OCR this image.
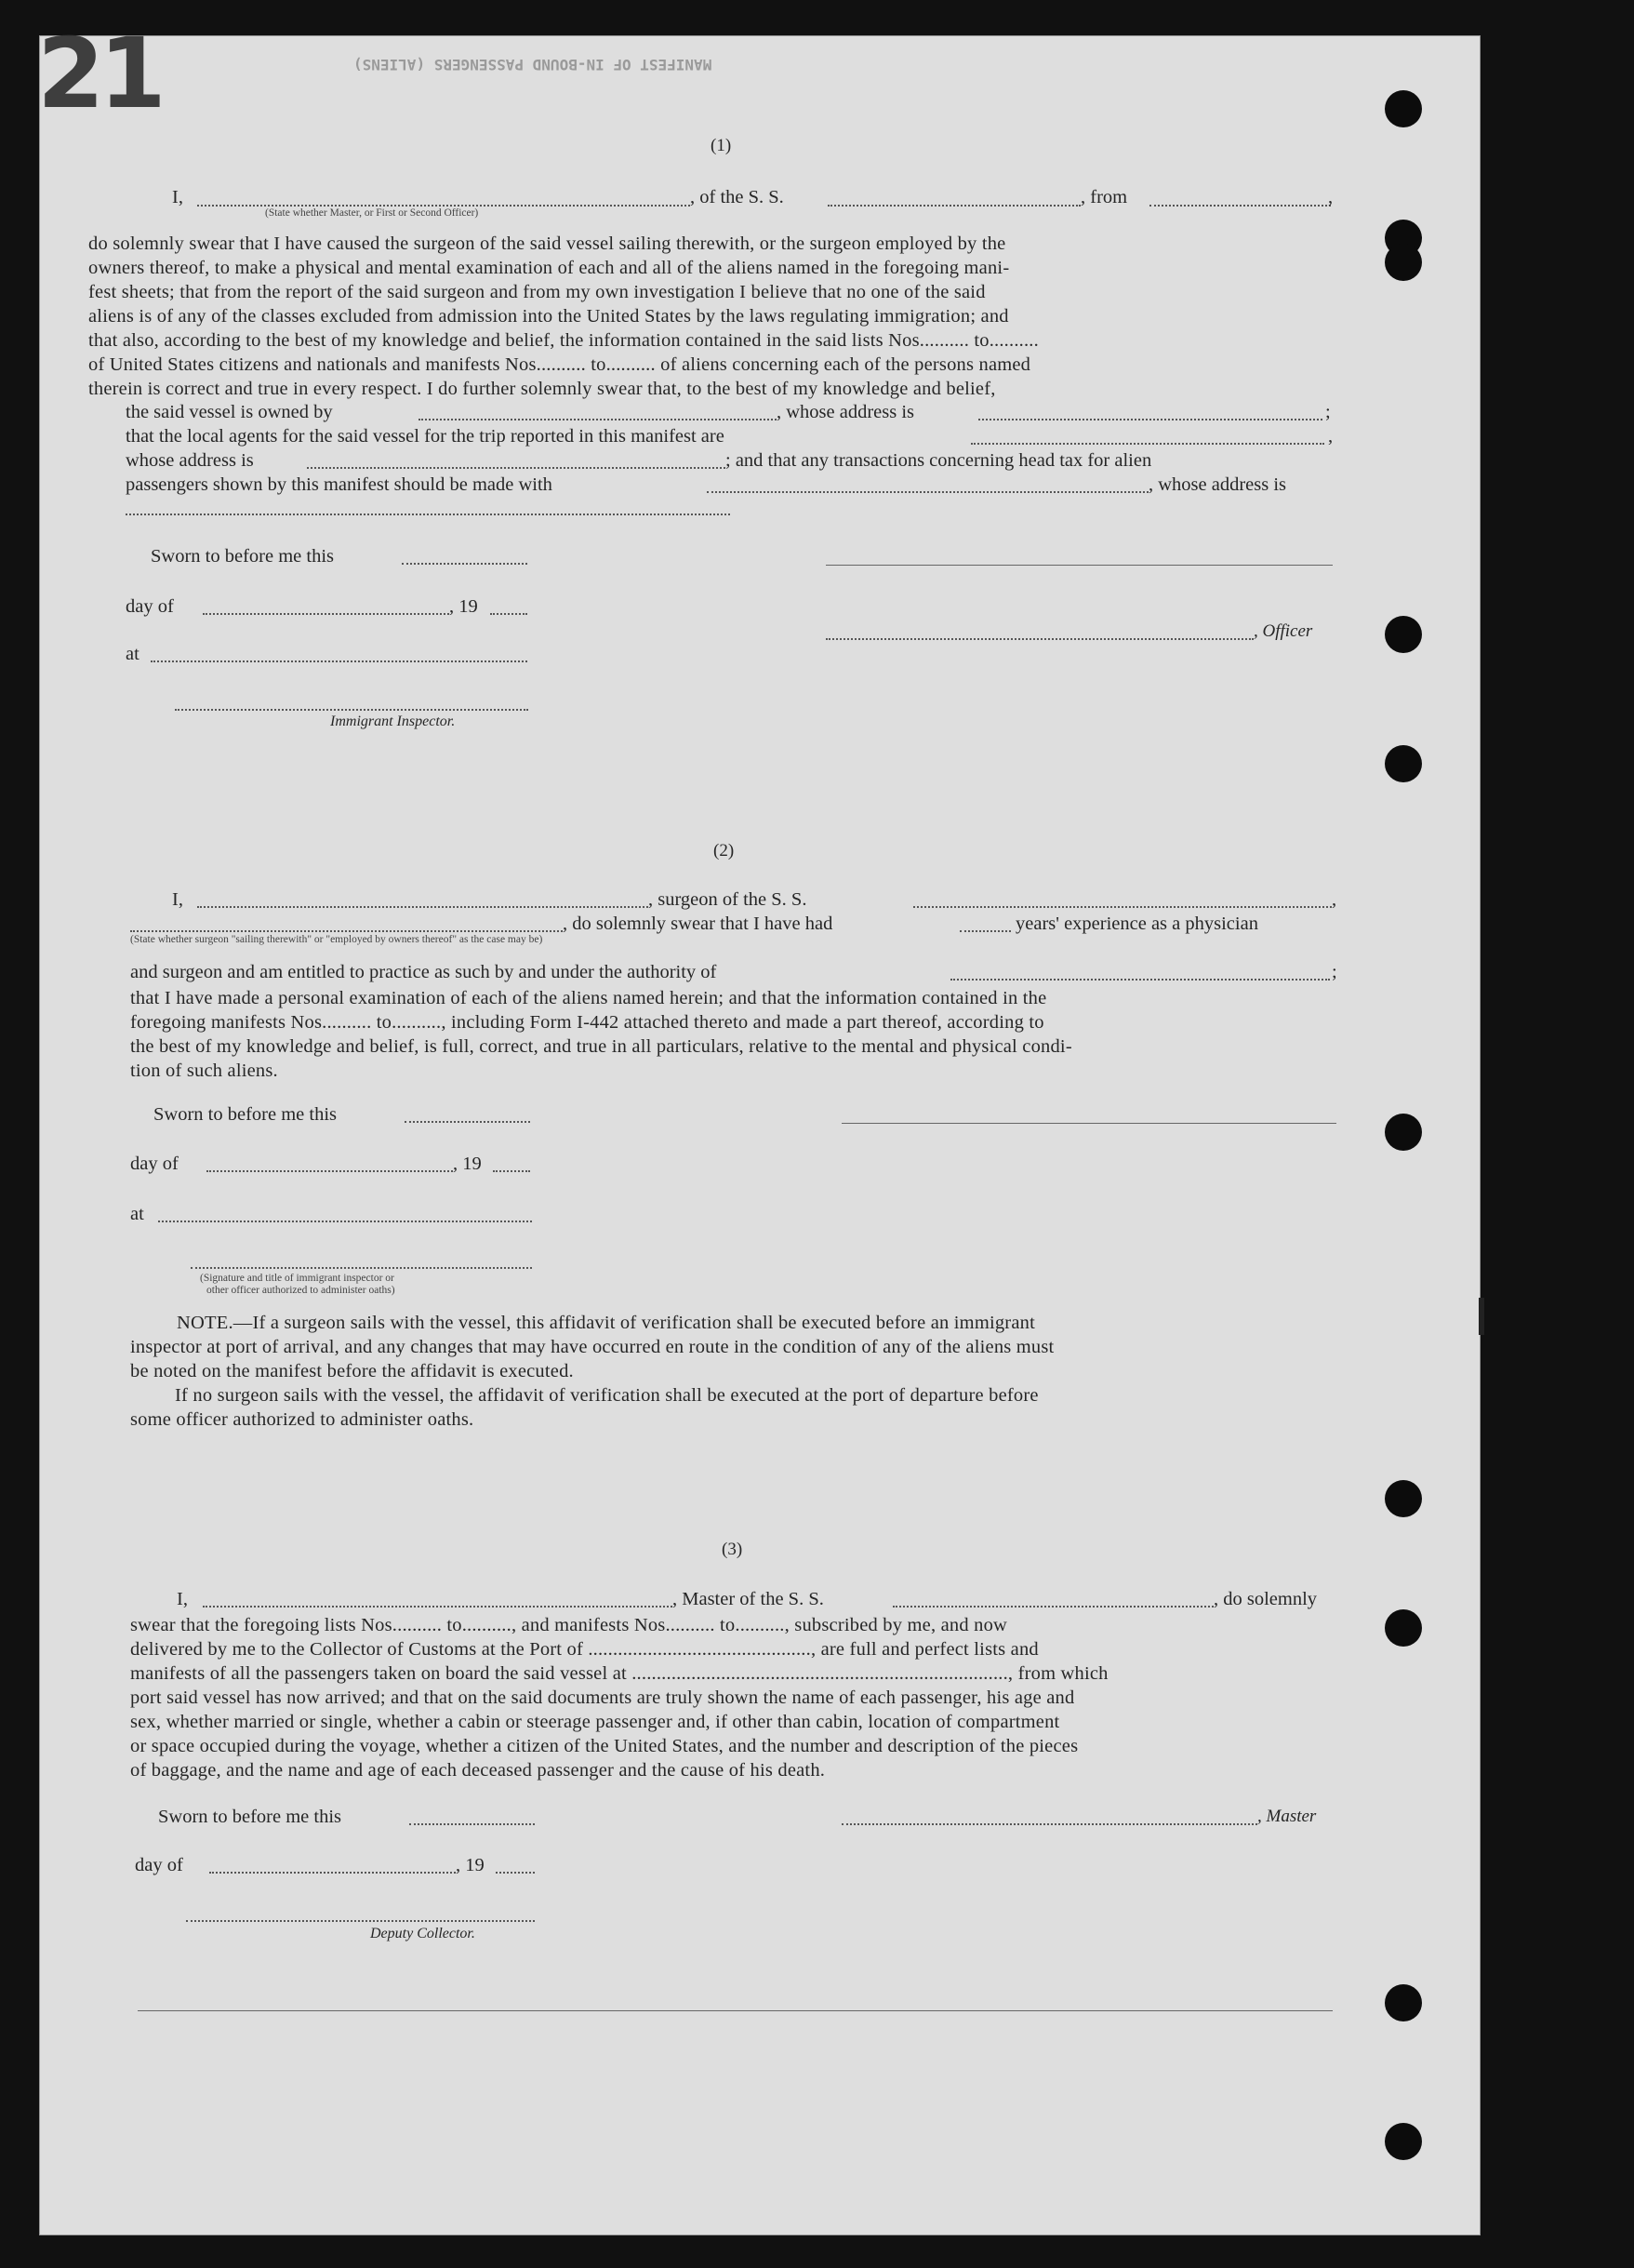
21	MANIFEST OF IN-BOUND PASSENGERS (ALIENS)
(1)
I,	, of the S. S.	, from	,
(State whether Master, or First or Second Officer)
do solemnly swear that I have caused the surgeon of the said vessel sailing therewith, or the surgeon employed by the
owners thereof, to make a physical and mental examination of each and all of the aliens named in the foregoing mani-
fest sheets; that from the report of the said surgeon and from my own investigation I believe that no one of the said
aliens is of any of the classes excluded from admission into the United States by the laws regulating immigration; and
that also, according to the best of my knowledge and belief, the information contained in the said lists Nos.......... to..........
of United States citizens and nationals and manifests Nos.......... to.......... of aliens concerning each of the persons named
therein is correct and true in every respect. I do further solemnly swear that, to the best of my knowledge and belief,
the said vessel is owned by	, whose address is	;
that the local agents for the said vessel for the trip reported in this manifest are	,
whose address is	; and that any transactions concerning head tax for alien
passengers shown by this manifest should be made with	, whose address is
Sworn to before me this
day of	, 19
, Officer
at
Immigrant Inspector.
(2)
I,	, surgeon of the S. S.	,
, do solemnly swear that I have had	years' experience as a physician
(State whether surgeon "sailing therewith" or "employed by owners thereof" as the case may be)
and surgeon and am entitled to practice as such by and under the authority of	;
that I have made a personal examination of each of the aliens named herein; and that the information contained in the
foregoing manifests Nos.......... to.........., including Form I-442 attached thereto and made a part thereof, according to
the best of my knowledge and belief, is full, correct, and true in all particulars, relative to the mental and physical condi-
tion of such aliens.
Sworn to before me this
day of	, 19
at
(Signature and title of immigrant inspector or
other officer authorized to administer oaths)
NOTE.—If a surgeon sails with the vessel, this affidavit of verification shall be executed before an immigrant
inspector at port of arrival, and any changes that may have occurred en route in the condition of any of the aliens must
be noted on the manifest before the affidavit is executed.
If no surgeon sails with the vessel, the affidavit of verification shall be executed at the port of departure before
some officer authorized to administer oaths.
(3)
I,	, Master of the S. S.	, do solemnly
swear that the foregoing lists Nos.......... to.........., and manifests Nos.......... to.........., subscribed by me, and now
delivered by me to the Collector of Customs at the Port of ............................................., are full and perfect lists and
manifests of all the passengers taken on board the said vessel at ............................................................................, from which
port said vessel has now arrived; and that on the said documents are truly shown the name of each passenger, his age and
sex, whether married or single, whether a cabin or steerage passenger and, if other than cabin, location of compartment
or space occupied during the voyage, whether a citizen of the United States, and the number and description of the pieces
of baggage, and the name and age of each deceased passenger and the cause of his death.
Sworn to before me this	, Master
day of	, 19
Deputy Collector.
